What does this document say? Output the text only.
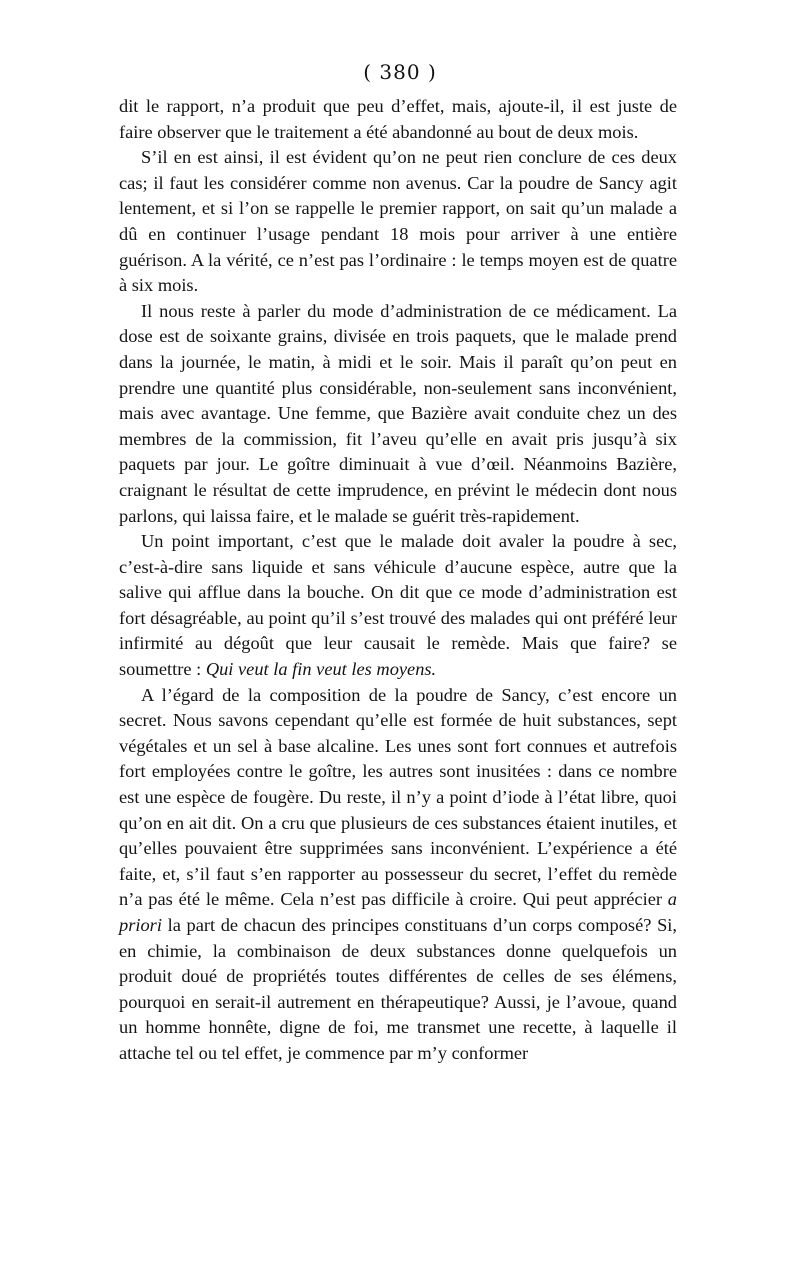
( 380 )

dit le rapport, n’a produit que peu d’effet, mais, ajoute-il, il est juste de faire observer que le traitement a été abandonné au bout de deux mois.

S’il en est ainsi, il est évident qu’on ne peut rien conclure de ces deux cas; il faut les considérer comme non avenus. Car la poudre de Sancy agit lentement, et si l’on se rappelle le premier rapport, on sait qu’un malade a dû en continuer l’usage pendant 18 mois pour arriver à une entière guérison. A la vérité, ce n’est pas l’ordinaire : le temps moyen est de quatre à six mois.

Il nous reste à parler du mode d’administration de ce médicament. La dose est de soixante grains, divisée en trois paquets, que le malade prend dans la journée, le matin, à midi et le soir. Mais il paraît qu’on peut en prendre une quantité plus considérable, non-seulement sans inconvénient, mais avec avantage. Une femme, que Bazière avait conduite chez un des membres de la commission, fit l’aveu qu’elle en avait pris jusqu’à six paquets par jour. Le goître diminuait à vue d’œil. Néanmoins Bazière, craignant le résultat de cette imprudence, en prévint le médecin dont nous parlons, qui laissa faire, et le malade se guérit très-rapidement.

Un point important, c’est que le malade doit avaler la poudre à sec, c’est-à-dire sans liquide et sans véhicule d’aucune espèce, autre que la salive qui afflue dans la bouche. On dit que ce mode d’administration est fort désagréable, au point qu’il s’est trouvé des malades qui ont préféré leur infirmité au dégoût que leur causait le remède. Mais que faire? se soumettre : Qui veut la fin veut les moyens.

A l’égard de la composition de la poudre de Sancy, c’est encore un secret. Nous savons cependant qu’elle est formée de huit substances, sept végétales et un sel à base alcaline. Les unes sont fort connues et autrefois fort employées contre le goître, les autres sont inusitées : dans ce nombre est une espèce de fougère. Du reste, il n’y a point d’iode à l’état libre, quoi qu’on en ait dit. On a cru que plusieurs de ces substances étaient inutiles, et qu’elles pouvaient être supprimées sans inconvénient. L’expérience a été faite, et, s’il faut s’en rapporter au possesseur du secret, l’effet du remède n’a pas été le même. Cela n’est pas difficile à croire. Qui peut apprécier a priori la part de chacun des principes constituans d’un corps composé? Si, en chimie, la combinaison de deux substances donne quelquefois un produit doué de propriétés toutes différentes de celles de ses élémens, pourquoi en serait-il autrement en thérapeutique? Aussi, je l’avoue, quand un homme honnête, digne de foi, me transmet une recette, à laquelle il attache tel ou tel effet, je commence par m’y conformer
